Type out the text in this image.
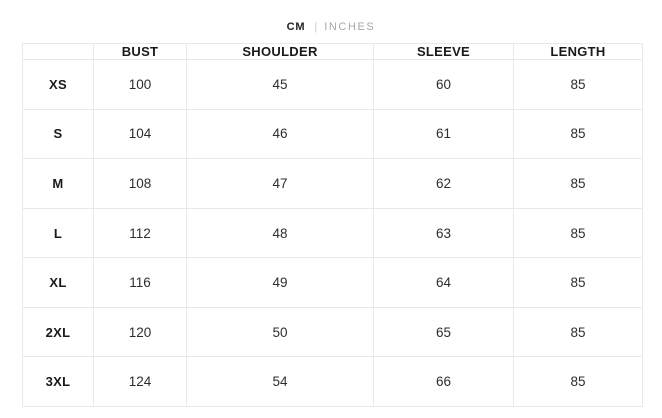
CM | INCHES
	BUST	SHOULDER	SLEEVE	LENGTH
XS	100	45	60	85
S	104	46	61	85
M	108	47	62	85
L	112	48	63	85
XL	116	49	64	85
2XL	120	50	65	85
3XL	124	54	66	85
